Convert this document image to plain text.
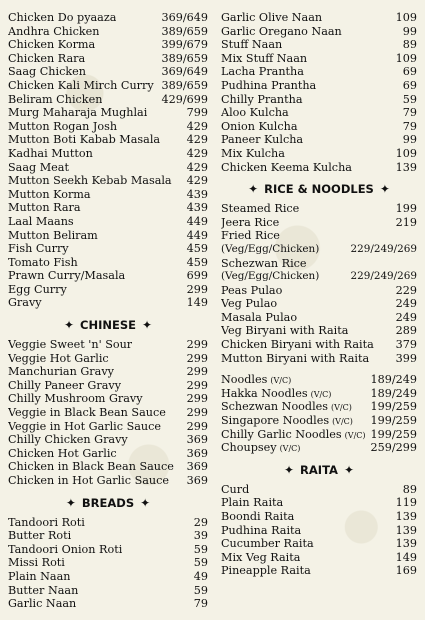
Chicken Do pyaaza	369/649
Andhra Chicken	389/659
Chicken Korma	399/679
Chicken Rara	389/659
Saag Chicken	369/649
Chicken Kali Mirch Curry 389/659
Beliram Chicken	429/699
Murg Maharaja Mughlai	799
Mutton Rogan Josh	429
Mutton Boti Kabab Masala	429
Kadhai Mutton	429
Saag Meat	429
Mutton Seekh Kebab Masala	429
Mutton Korma	439
Mutton Rara	439
Laal Maans	449
Mutton Beliram	449
Fish Curry	459
Tomato Fish	459
Prawn Curry/Masala	699
Egg Curry	299
Gravy	149
✦ CHINESE ✦
Veggie Sweet 'n' Sour	299
Veggie Hot Garlic	299
Manchurian Gravy	299
Chilly Paneer Gravy	299
Chilly Mushroom Gravy	299
Veggie in Black Bean Sauce	299
Veggie in Hot Garlic Sauce	299
Chilly Chicken Gravy	369
Chicken Hot Garlic	369
Chicken in Black Bean Sauce	369
Chicken in Hot Garlic Sauce	369
✦ BREADS ✦
Tandoori Roti	29
Butter Roti	39
Tandoori Onion Roti	59
Missi Roti	59
Plain Naan	49
Butter Naan	59
Garlic Naan	79
Garlic Olive Naan	109
Garlic Oregano Naan	99
Stuff Naan	89
Mix Stuff Naan	109
Lacha Prantha	69
Pudhina Prantha	69
Chilly Prantha	59
Aloo Kulcha	79
Onion Kulcha	79
Paneer Kulcha	99
Mix Kulcha	109
Chicken Keema Kulcha	139
✦ RICE & NOODLES ✦
Steamed Rice	199
Jeera Rice	219
Fried Rice
(Veg/Egg/Chicken)	229/249/269
Schezwan Rice
(Veg/Egg/Chicken)	229/249/269
Peas Pulao	229
Veg Pulao	249
Masala Pulao	249
Veg Biryani with Raita	289
Chicken Biryani with Raita	379
Mutton Biryani with Raita	399
Noodles (V/C)	189/249
Hakka Noodles (V/C)	189/249
Schezwan Noodles (V/C)	199/259
Singapore Noodles (V/C)	199/259
Chilly Garlic Noodles (V/C) 199/259
Choupsey (V/C)	259/299
✦ RAITA ✦
Curd	89
Plain Raita	119
Boondi Raita	139
Pudhina Raita	139
Cucumber Raita	139
Mix Veg Raita	149
Pineapple Raita	169
